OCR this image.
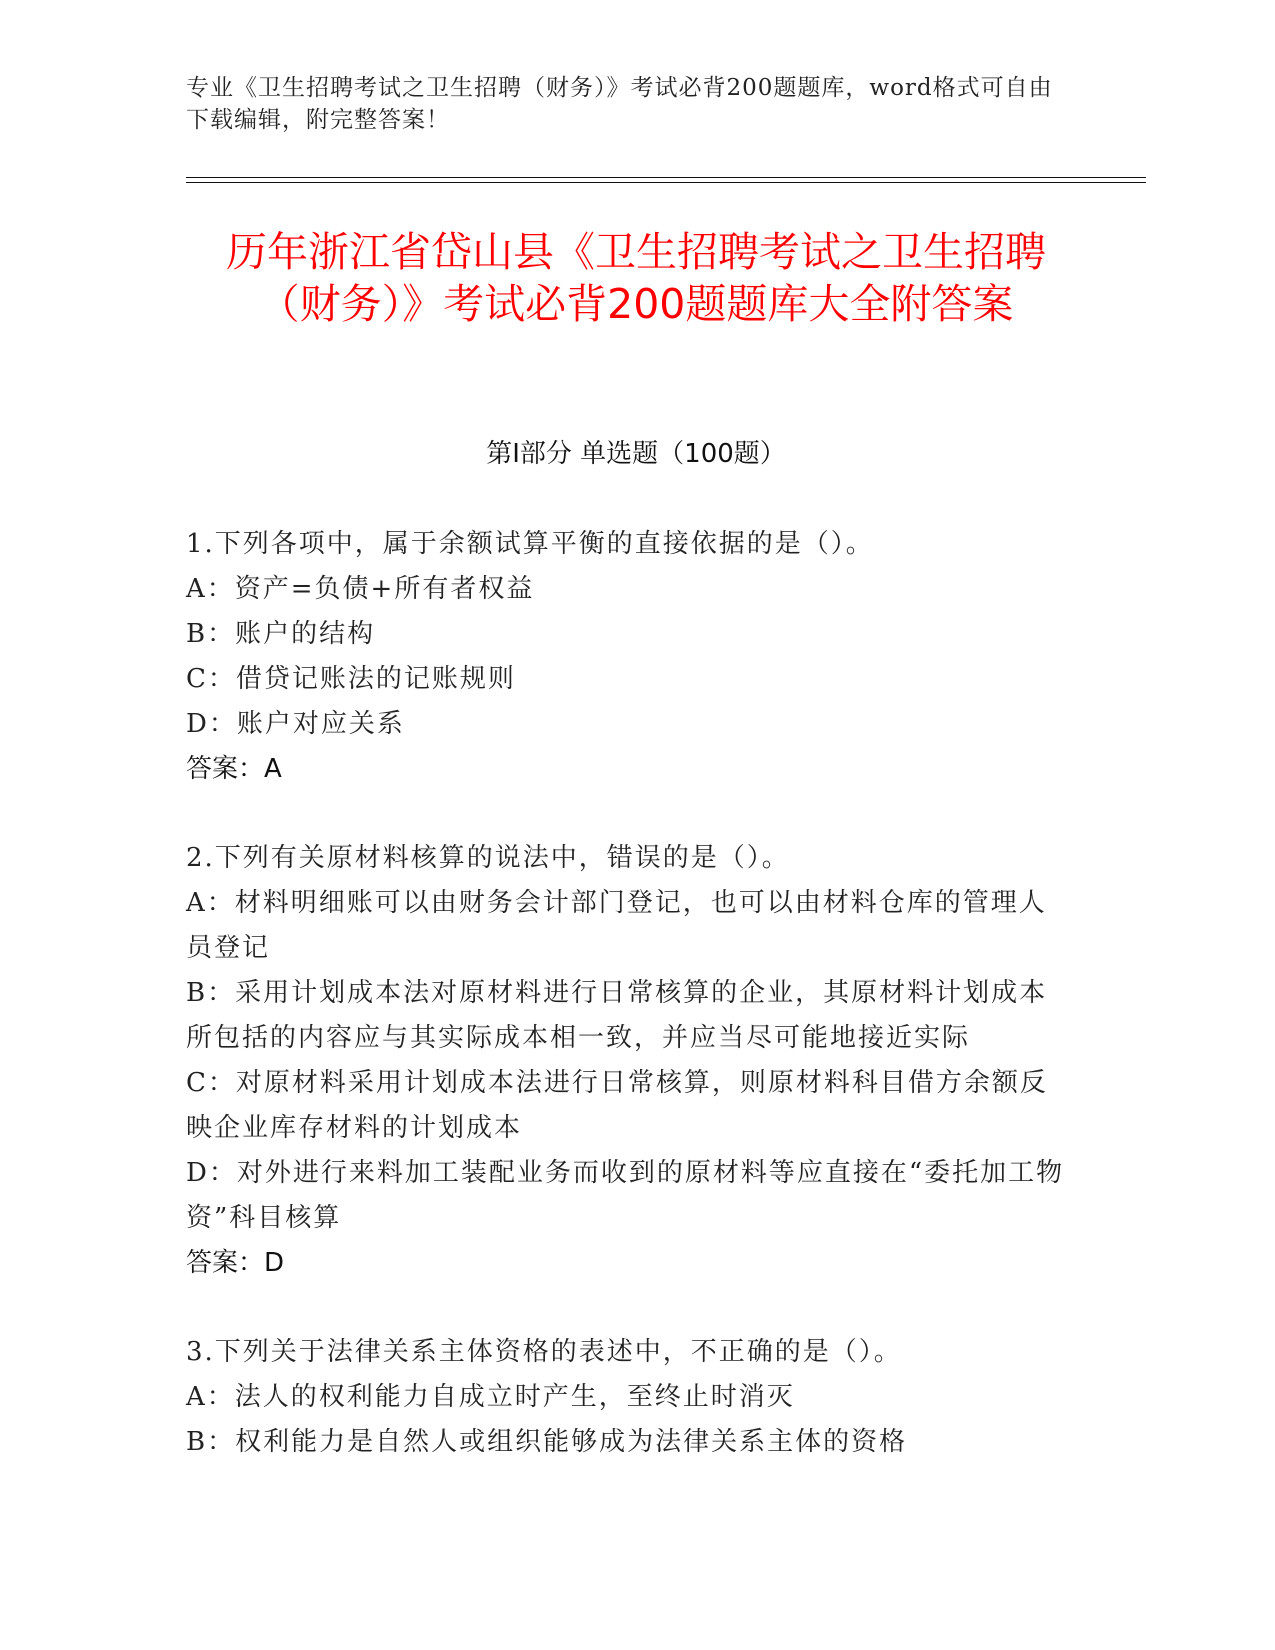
专业《卫生招聘考试之卫生招聘（财务）》考试必背200题题库，word格式可自由下载编辑，附完整答案！
历年浙江省岱山县《卫生招聘考试之卫生招聘（财务）》考试必背200题题库大全附答案
第Ⅰ部分 单选题（100题）
1.下列各项中，属于余额试算平衡的直接依据的是（）。
A：资产=负债+所有者权益
B：账户的结构
C：借贷记账法的记账规则
D：账户对应关系
答案：A
2.下列有关原材料核算的说法中，错误的是（）。
A：材料明细账可以由财务会计部门登记，也可以由材料仓库的管理人员登记
B：采用计划成本法对原材料进行日常核算的企业，其原材料计划成本所包括的内容应与其实际成本相一致，并应当尽可能地接近实际
C：对原材料采用计划成本法进行日常核算，则原材料科目借方余额反映企业库存材料的计划成本
D：对外进行来料加工装配业务而收到的原材料等应直接在“委托加工物资”科目核算
答案：D
3.下列关于法律关系主体资格的表述中，不正确的是（）。
A：法人的权利能力自成立时产生，至终止时消灭
B：权利能力是自然人或组织能够成为法律关系主体的资格
